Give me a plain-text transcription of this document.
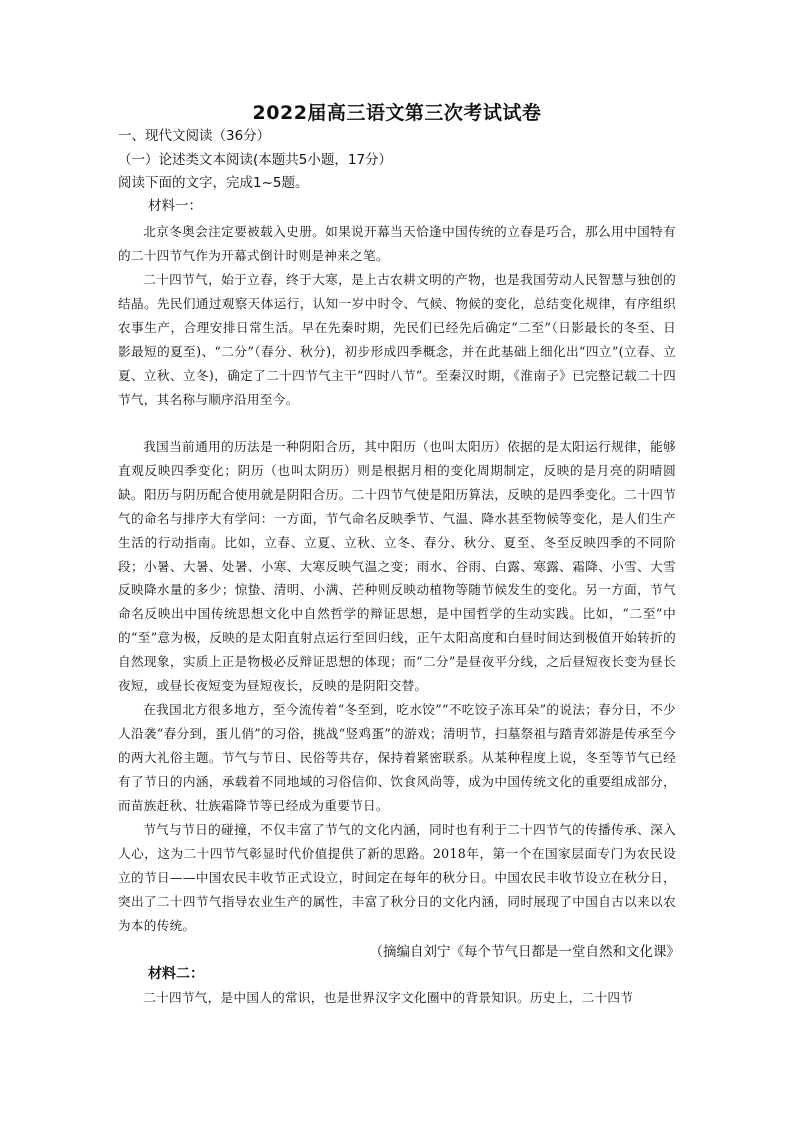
2022届高三语文第三次考试试卷
一、现代文阅读（36分）
（一）论述类文本阅读(本题共5小题，17分）
阅读下面的文字，完成1~5题。
材料一：
北京冬奥会注定要被载入史册。如果说开幕当天恰逢中国传统的立春是巧合，那么用中国特有的二十四节气作为开幕式倒计时则是神来之笔。
二十四节气，始于立春，终于大寒，是上古农耕文明的产物，也是我国劳动人民智慧与独创的结晶。先民们通过观察天体运行，认知一岁中时令、气候、物候的变化，总结变化规律，有序组织农事生产，合理安排日常生活。早在先秦时期，先民们已经先后确定“二至”（日影最长的冬至、日影最短的夏至)、“二分”（春分、秋分)，初步形成四季概念，并在此基础上细化出“四立”(立春、立夏、立秋、立冬)，确定了二十四节气主干“四时八节”。至秦汉时期，《淮南子》已完整记载二十四节气，其名称与顺序沿用至今。
我国当前通用的历法是一种阴阳合历，其中阳历（也叫太阳历）依据的是太阳运行规律，能够直观反映四季变化；阴历（也叫太阴历）则是根据月相的变化周期制定，反映的是月亮的阴晴圆缺。阳历与阴历配合使用就是阴阳合历。二十四节气使是阳历算法，反映的是四季变化。二十四节气的命名与排序大有学问：一方面，节气命名反映季节、气温、降水甚至物候等变化，是人们生产生活的行动指南。比如，立春、立夏、立秋、立冬、春分、秋分、夏至、冬至反映四季的不同阶段；小暑、大暑、处暑、小寒、大寒反映气温之变；雨水、谷雨、白露、寒露、霜降、小雪、大雪反映降水量的多少；惊蛰、清明、小满、芒种则反映动植物等随节候发生的变化。另一方面，节气命名反映出中国传统思想文化中自然哲学的辩证思想，是中国哲学的生动实践。比如，“二至”中的“至”意为极，反映的是太阳直射点运行至回归线，正午太阳高度和白昼时间达到极值开始转折的自然现象，实质上正是物极必反辩证思想的体现；而“二分”是昼夜平分线，之后昼短夜长变为昼长夜短，或昼长夜短变为昼短夜长，反映的是阴阳交替。
在我国北方很多地方，至今流传着“冬至到，吃水饺”“不吃饺子冻耳朵”的说法；春分日，不少人沿袭“春分到，蛋儿俏”的习俗，挑战“竖鸡蛋”的游戏；清明节，扫墓祭祖与踏青郊游是传承至今的两大礼俗主题。节气与节日、民俗等共存，保持着紧密联系。从某种程度上说，冬至等节气已经有了节日的内涵，承载着不同地域的习俗信仰、饮食风尚等，成为中国传统文化的重要组成部分，而苗族赶秋、壮族霜降节等已经成为重要节日。
节气与节日的碰撞，不仅丰富了节气的文化内涵，同时也有利于二十四节气的传播传承、深入人心，这为二十四节气彰显时代价值提供了新的思路。2018年，第一个在国家层面专门为农民设立的节日——中国农民丰收节正式设立，时间定在每年的秋分日。中国农民丰收节设立在秋分日，突出了二十四节气指导农业生产的属性，丰富了秋分日的文化内涵，同时展现了中国自古以来以农为本的传统。
（摘编自刘宁《每个节气日都是一堂自然和文化课》
材料二：
二十四节气，是中国人的常识，也是世界汉字文化圈中的背景知识。历史上，二十四节
